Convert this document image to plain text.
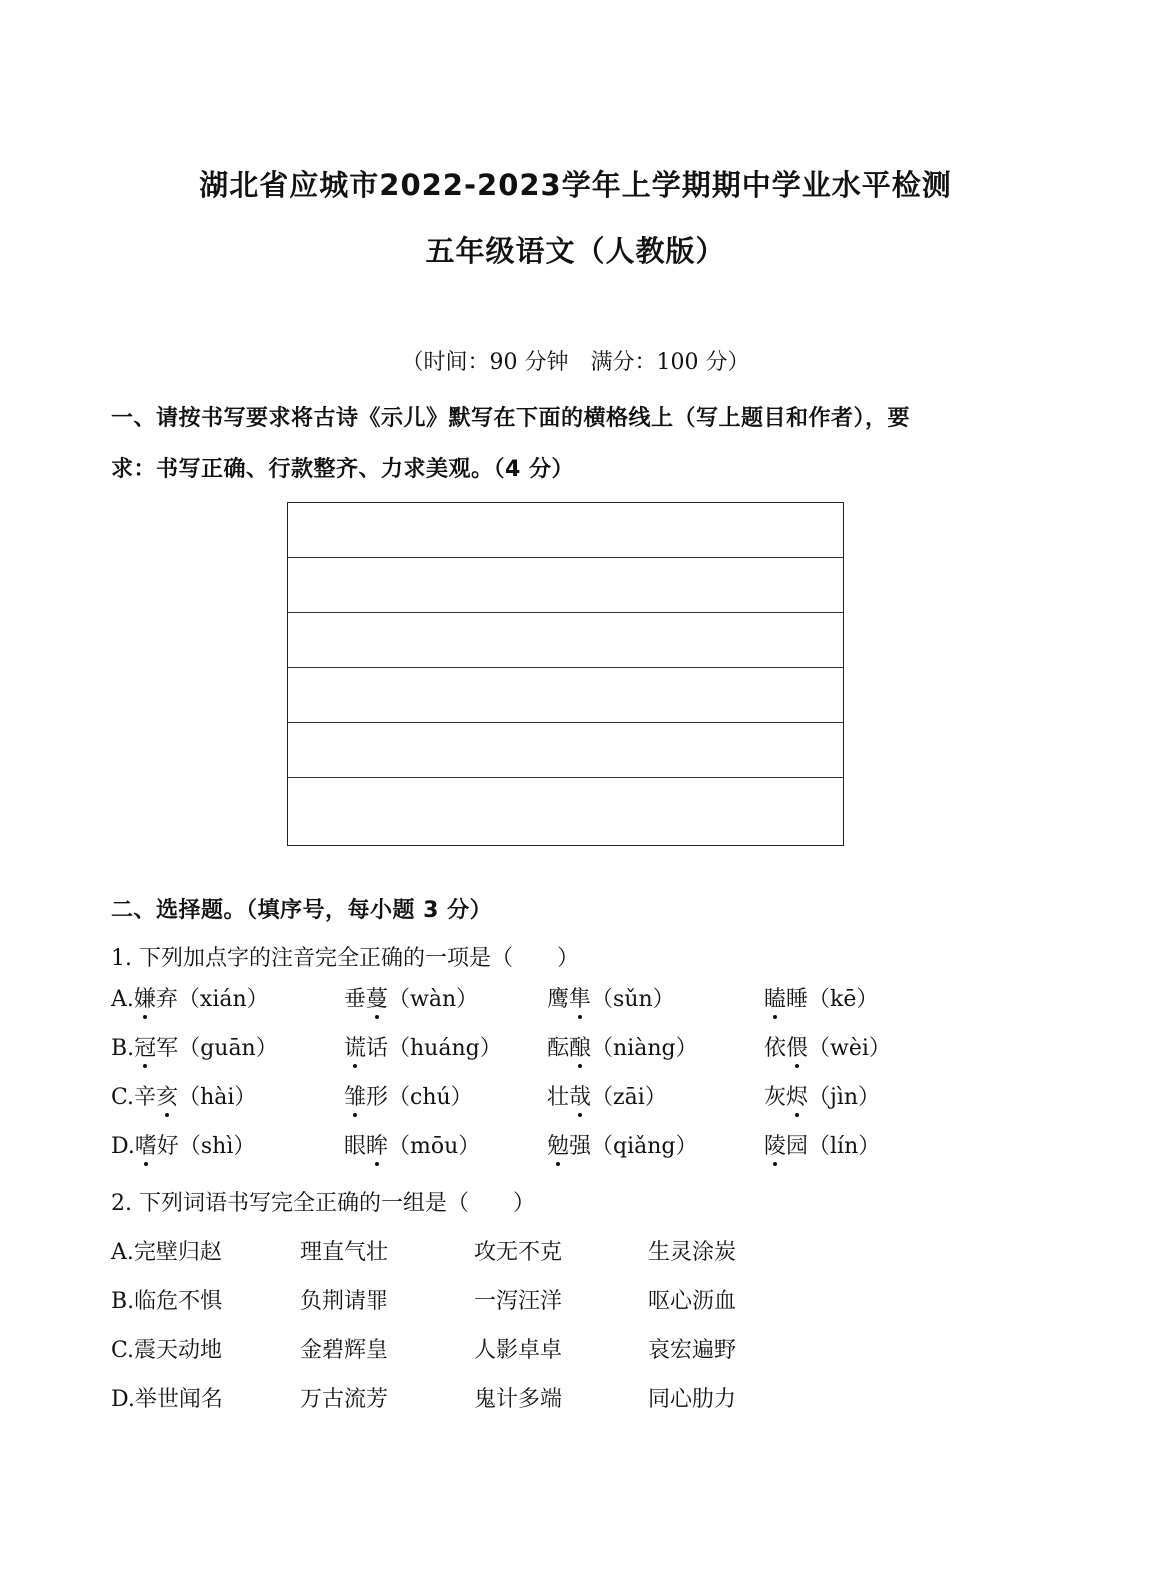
湖北省应城市2022-2023学年上学期期中学业水平检测
五年级语文（人教版）
（时间：90 分钟　满分：100 分）
一、请按书写要求将古诗《示儿》默写在下面的横格线上（写上题目和作者），要
求：书写正确、行款整齐、力求美观。（4 分）
二、选择题。（填序号，每小题 3 分）
1. 下列加点字的注音完全正确的一项是（　　）
A.嫌弃（xián）	垂蔓（wàn）	鹰隼（sǔn）	瞌睡（kē）
B.冠军（guān）	谎话（huáng） 酝酿（niàng）	依偎（wèi）
C.辛亥（hài）	雏形（chú）	壮哉（zāi）	灰烬（jìn）
D.嗜好（shì）	眼眸（mōu）	勉强（qiǎng）	陵园（lín）
2. 下列词语书写完全正确的一组是（　　）
A.完壁归赵	理直气壮	攻无不克	生灵涂炭
B.临危不惧	负荆请罪	一泻汪洋	呕心沥血
C.震天动地	金碧辉皇	人影卓卓	哀宏遍野
D.举世闻名	万古流芳	鬼计多端	同心肋力
